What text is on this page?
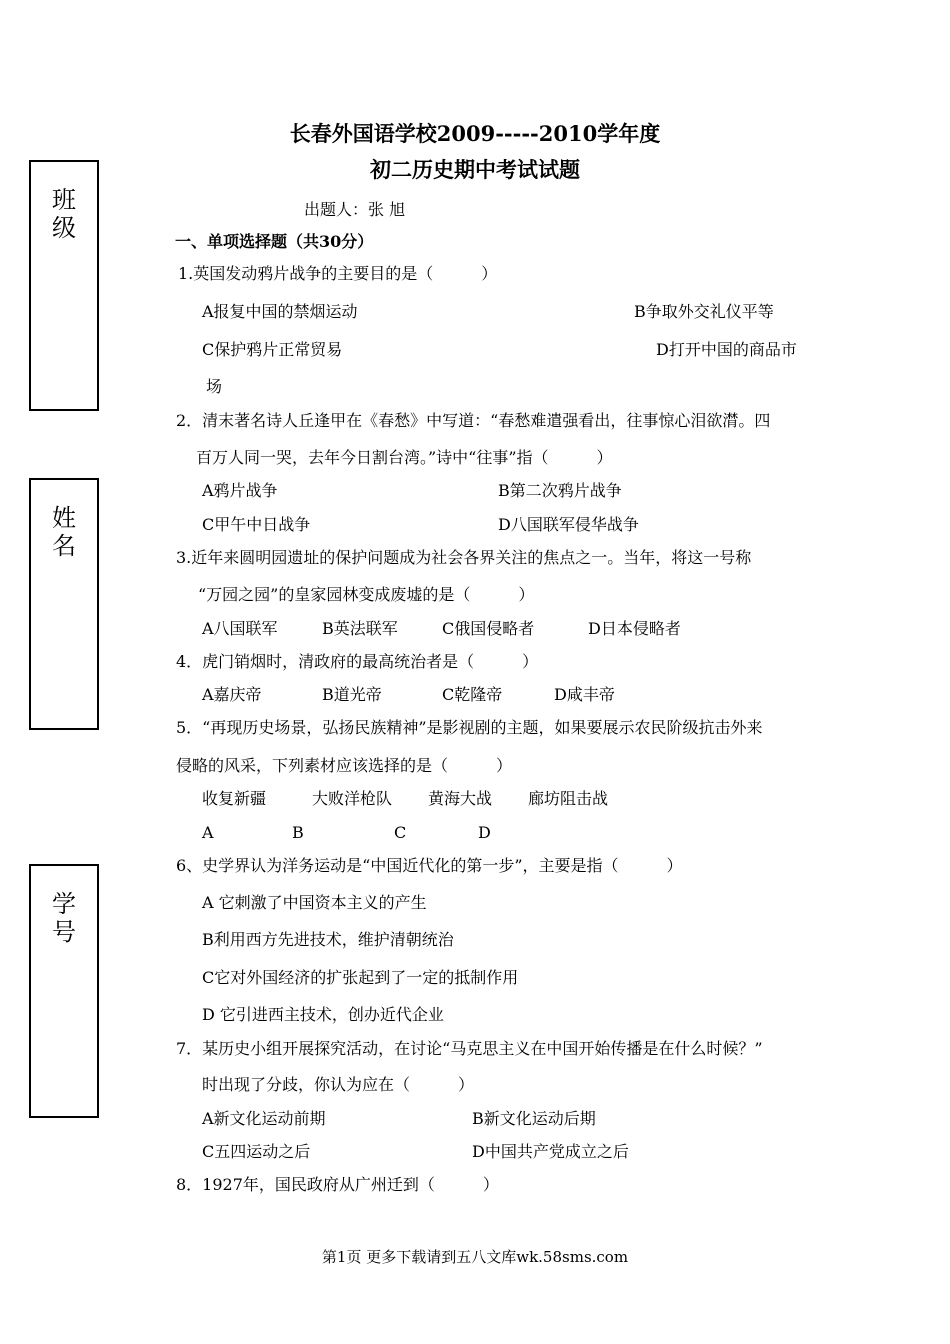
班
级
姓
名
学
号
长春外国语学校2009-----2010学年度
初二历史期中考试试题
出题人：张 旭
一、单项选择题（共30分）
1.英国发动鸦片战争的主要目的是（　　　）
A报复中国的禁烟运动	B争取外交礼仪平等
C保护鸦片正常贸易	D打开中国的商品市
场
2．清末著名诗人丘逢甲在《春愁》中写道：“春愁难遣强看出，往事惊心泪欲潸。四
百万人同一哭，去年今日割台湾。”诗中“往事”指（　　　）
A鸦片战争	B第二次鸦片战争
C甲午中日战争	D八国联军侵华战争
3.近年来圆明园遗址的保护问题成为社会各界关注的焦点之一。当年，将这一号称
“万园之园”的皇家园林变成废墟的是（　　　）
A八国联军	B英法联军	C俄国侵略者	D日本侵略者
4．虎门销烟时，清政府的最高统治者是（　　　）
A嘉庆帝	B道光帝	C乾隆帝	D咸丰帝
5．“再现历史场景，弘扬民族精神”是影视剧的主题，如果要展示农民阶级抗击外来
侵略的风采，下列素材应该选择的是（　　　）
收复新疆	大败洋枪队 黄海大战 廊坊阻击战
A	B	C	D
6、史学界认为洋务运动是“中国近代化的第一步”，主要是指（　　　）
A 它刺激了中国资本主义的产生
B利用西方先进技术，维护清朝统治
C它对外国经济的扩张起到了一定的抵制作用
D 它引进西主技术，创办近代企业
7．某历史小组开展探究活动，在讨论“马克思主义在中国开始传播是在什么时候？”
时出现了分歧，你认为应在（　　　）
A新文化运动前期	B新文化运动后期
C五四运动之后	D中国共产党成立之后
8．1927年，国民政府从广州迁到（　　　）
第1页 更多下载请到五八文库wk.58sms.com
